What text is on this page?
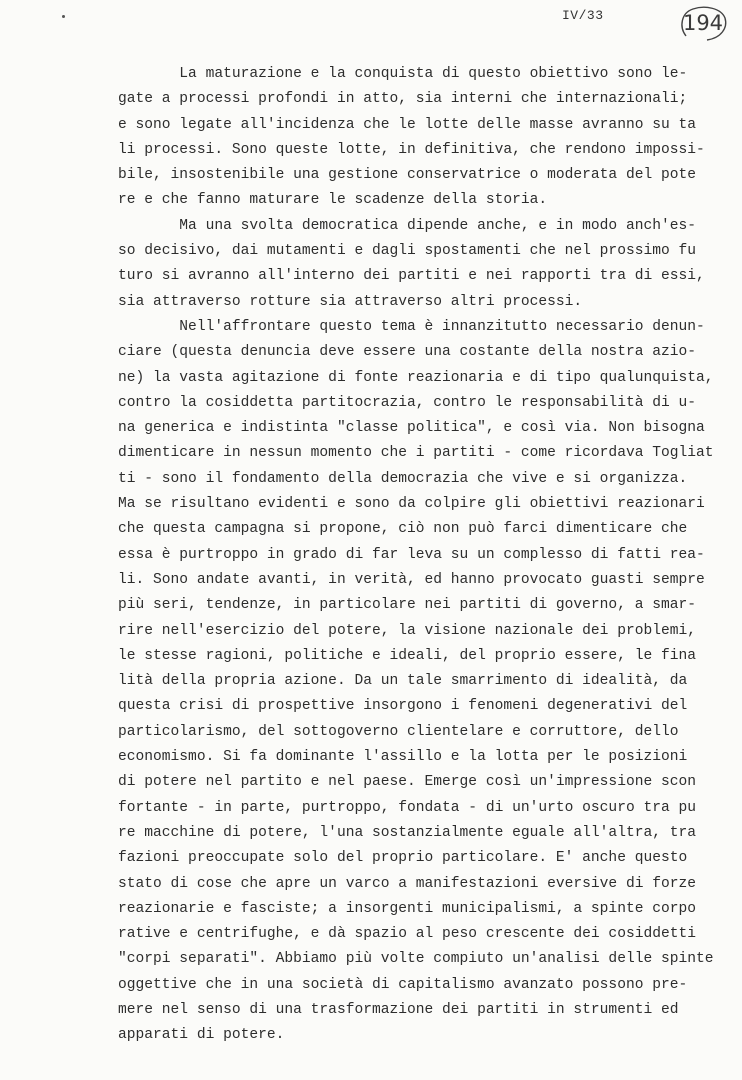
IV/33	194
La maturazione e la conquista di questo obiettivo sono le-
gate a processi profondi in atto, sia interni che internazionali;
e sono legate all'incidenza che le lotte delle masse avranno su ta
li processi. Sono queste lotte, in definitiva, che rendono impossi-
bile, insostenibile una gestione conservatrice o moderata del pote
re e che fanno maturare le scadenze della storia.
Ma una svolta democratica dipende anche, e in modo anch'es-
so decisivo, dai mutamenti e dagli spostamenti che nel prossimo fu
turo si avranno all'interno dei partiti e nei rapporti tra di essi,
sia attraverso rotture sia attraverso altri processi.
Nell'affrontare questo tema è innanzitutto necessario denun-
ciare (questa denuncia deve essere una costante della nostra azio-
ne) la vasta agitazione di fonte reazionaria e di tipo qualunquista,
contro la cosiddetta partitocrazia, contro le responsabilità di u-
na generica e indistinta "classe politica", e così via. Non bisogna
dimenticare in nessun momento che i partiti - come ricordava Togliat
ti - sono il fondamento della democrazia che vive e si organizza.
Ma se risultano evidenti e sono da colpire gli obiettivi reazionari
che questa campagna si propone, ciò non può farci dimenticare che
essa è purtroppo in grado di far leva su un complesso di fatti rea-
li. Sono andate avanti, in verità, ed hanno provocato guasti sempre
più seri, tendenze, in particolare nei partiti di governo, a smar-
rire nell'esercizio del potere, la visione nazionale dei problemi,
le stesse ragioni, politiche e ideali, del proprio essere, le fina
lità della propria azione. Da un tale smarrimento di idealità, da
questa crisi di prospettive insorgono i fenomeni degenerativi del
particolarismo, del sottogoverno clientelare e corruttore, dello
economismo. Si fa dominante l'assillo e la lotta per le posizioni
di potere nel partito e nel paese. Emerge così un'impressione scon
fortante - in parte, purtroppo, fondata - di un'urto oscuro tra pu
re macchine di potere, l'una sostanzialmente eguale all'altra, tra
fazioni preoccupate solo del proprio particolare. E' anche questo
stato di cose che apre un varco a manifestazioni eversive di forze
reazionarie e fasciste; a insorgenti municipalismi, a spinte corpo
rative e centrifughe, e dà spazio al peso crescente dei cosiddetti
"corpi separati". Abbiamo più volte compiuto un'analisi delle spinte
oggettive che in una società di capitalismo avanzato possono pre-
mere nel senso di una trasformazione dei partiti in strumenti ed
apparati di potere.
